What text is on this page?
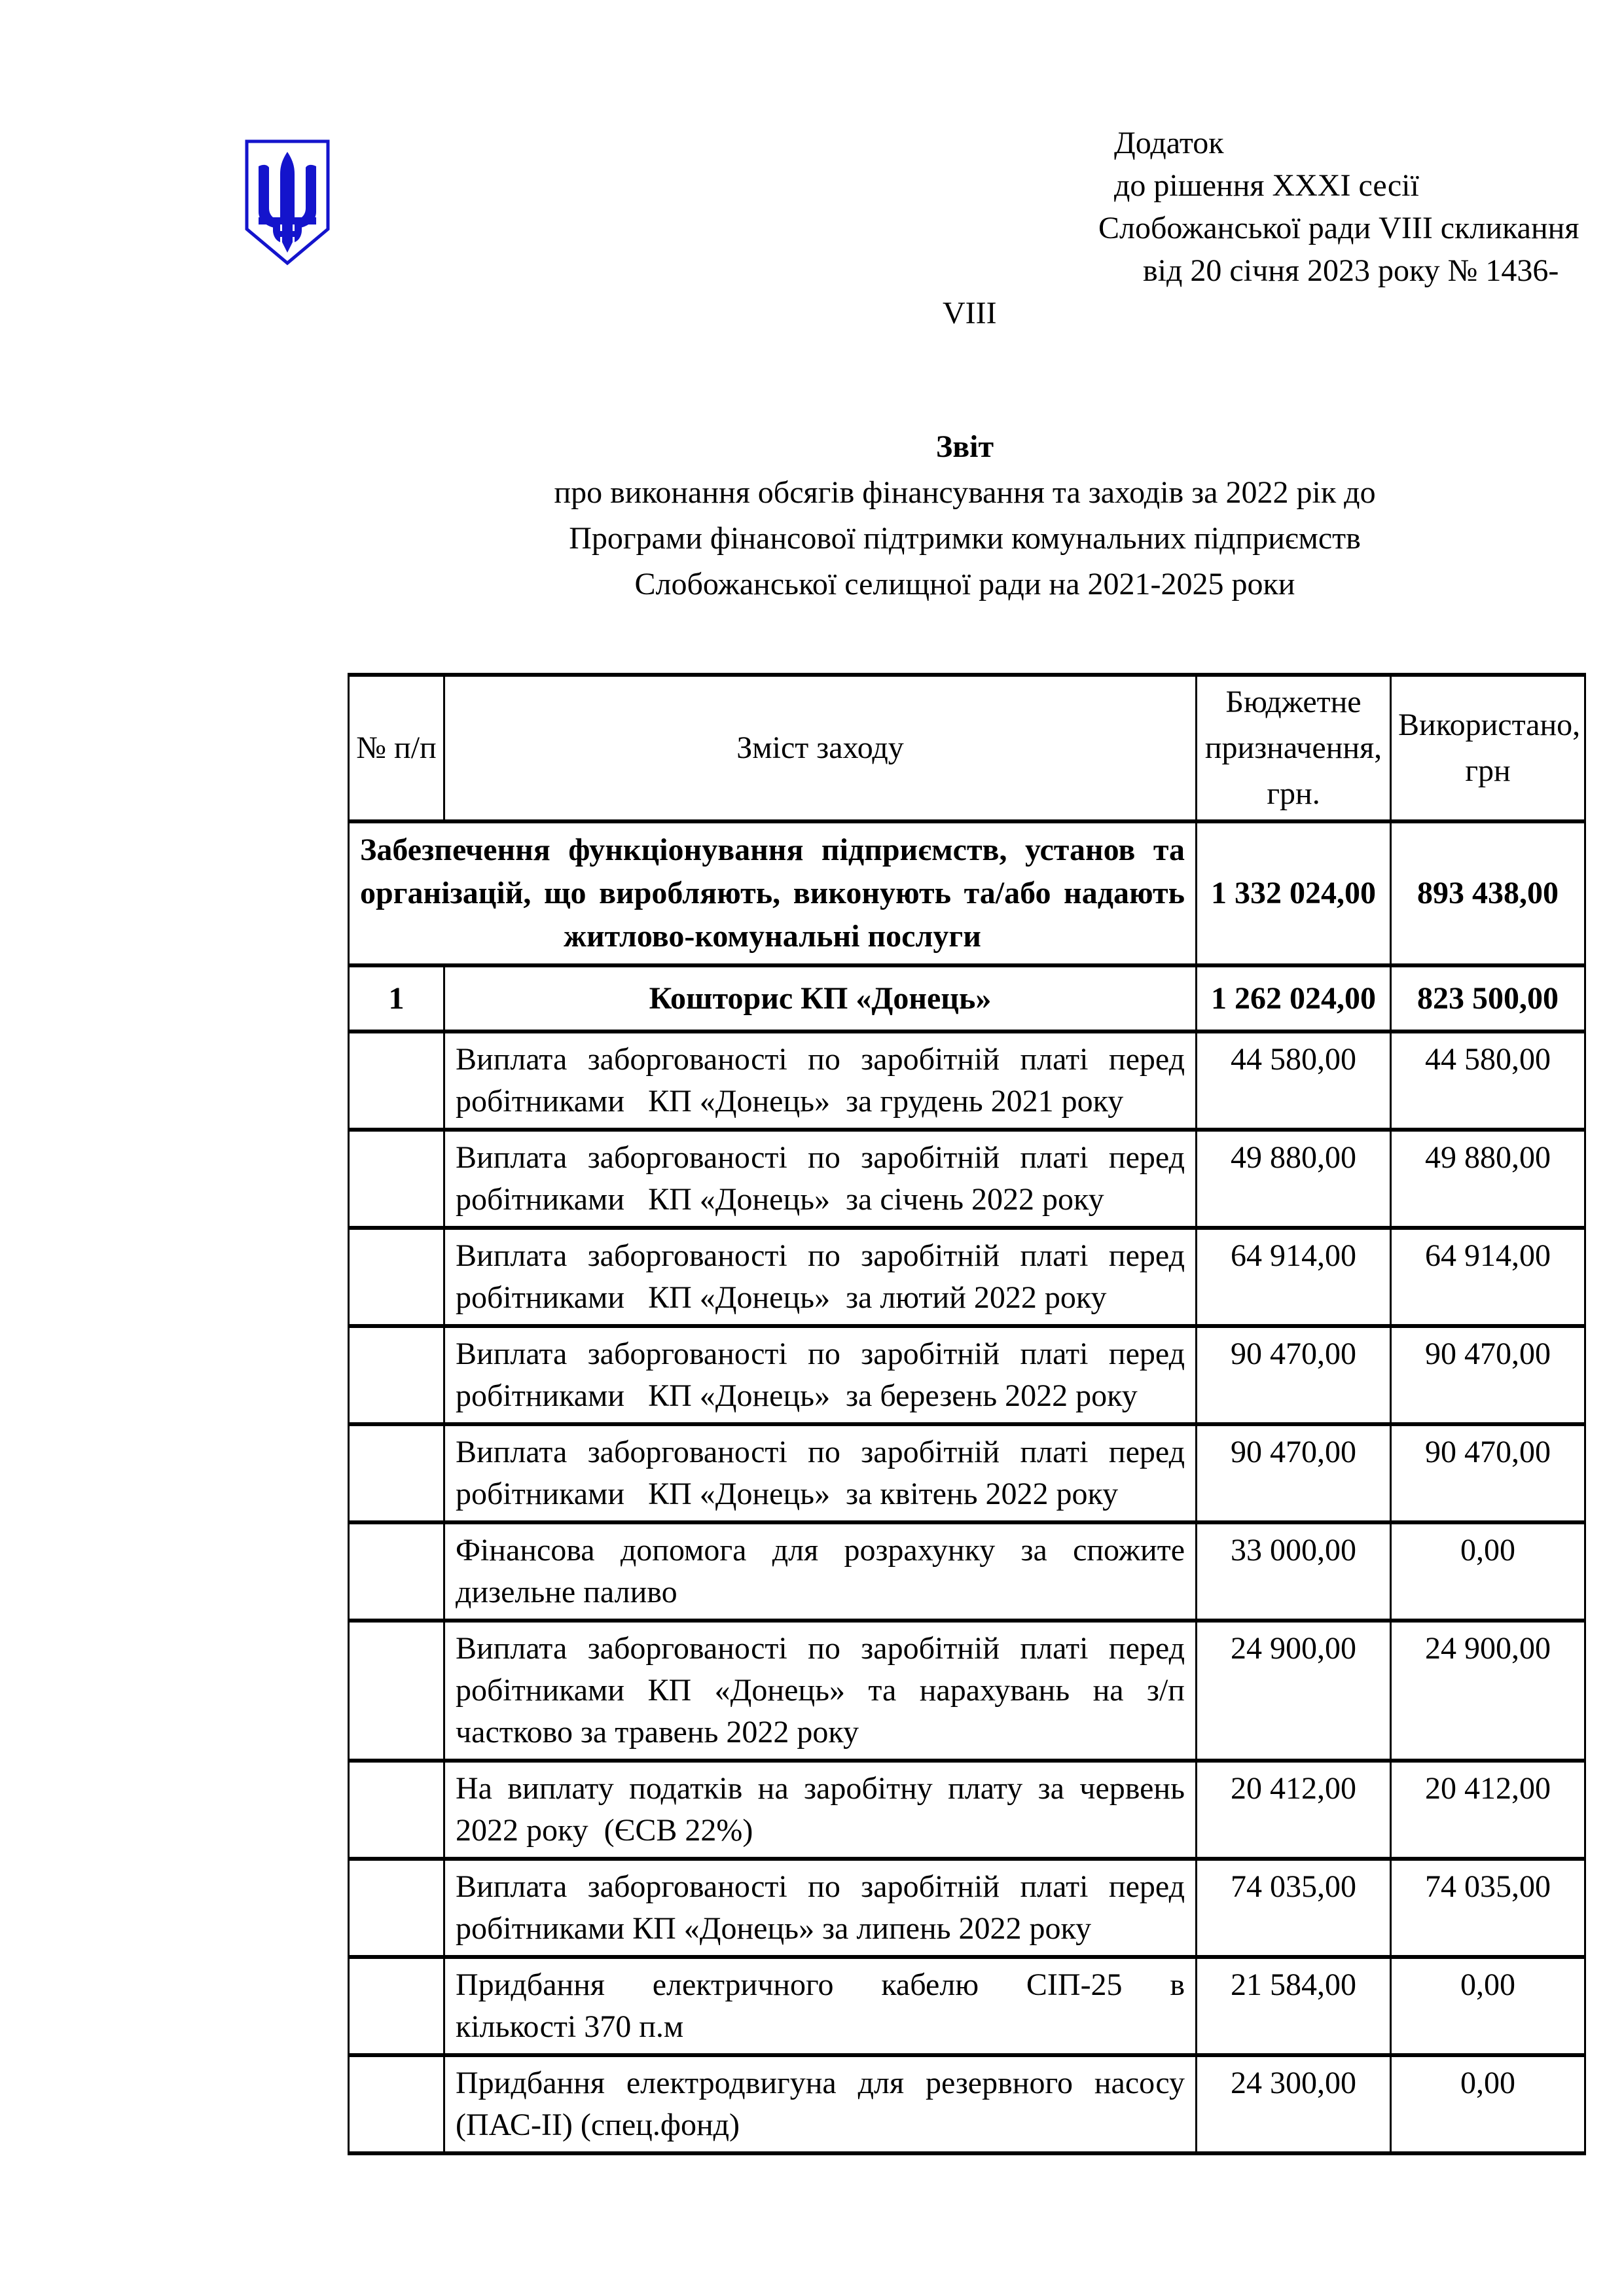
Додаток
до рішення XXXI сесії
Слобожанської ради VIII скликання
від 20 січня 2023 року № 1436-
VIII

Звіт

про виконання обсягів фінансування та заходів за 2022 рік до
Програми фінансової підтримки комунальних підприємств
Слобожанської селищної ради на 2021-2025 роки
№ п/п	Зміст заходу	Бюджетне призначення, грн.	Використано, грн

Забезпечення функціонування підприємств, установ та
організацій, що виробляють, виконують та/або надають
житлово-комунальні послуги		1 332 024,00	893 438,00
1	Кошторис КП «Донець»	1 262 024,00	823 500,00

	Виплата заборгованості по заробітній платі перед
робітниками   КП «Донець»  за грудень 2021 року	44 580,00	44 580,00

	Виплата заборгованості по заробітній платі перед
робітниками   КП «Донець»  за січень 2022 року	49 880,00	49 880,00

	Виплата заборгованості по заробітній платі перед
робітниками   КП «Донець»  за лютий 2022 року	64 914,00	64 914,00

	Виплата заборгованості по заробітній платі перед
робітниками   КП «Донець»  за березень 2022 року	90 470,00	90 470,00

	Виплата заборгованості по заробітній платі перед
робітниками   КП «Донець»  за квітень 2022 року	90 470,00	90 470,00

	Фінансова допомога для розрахунку за спожите
дизельне паливо	33 000,00	0,00

	Виплата заборгованості по заробітній платі перед
робітниками КП «Донець» та нарахувань на з/п
частково за травень 2022 року	24 900,00	24 900,00

	На виплату податків на заробітну плату за червень
2022 року  (ЄСВ 22%)	20 412,00	20 412,00

	Виплата заборгованості по заробітній платі перед
робітниками КП «Донець» за липень 2022 року	74 035,00	74 035,00

	Придбання електричного кабелю СІП-25 в
кількості 370 п.м	21 584,00	0,00

	Придбання електродвигуна для резервного насосу
(ПАС-ІІ) (спец.фонд)	24 300,00	0,00
